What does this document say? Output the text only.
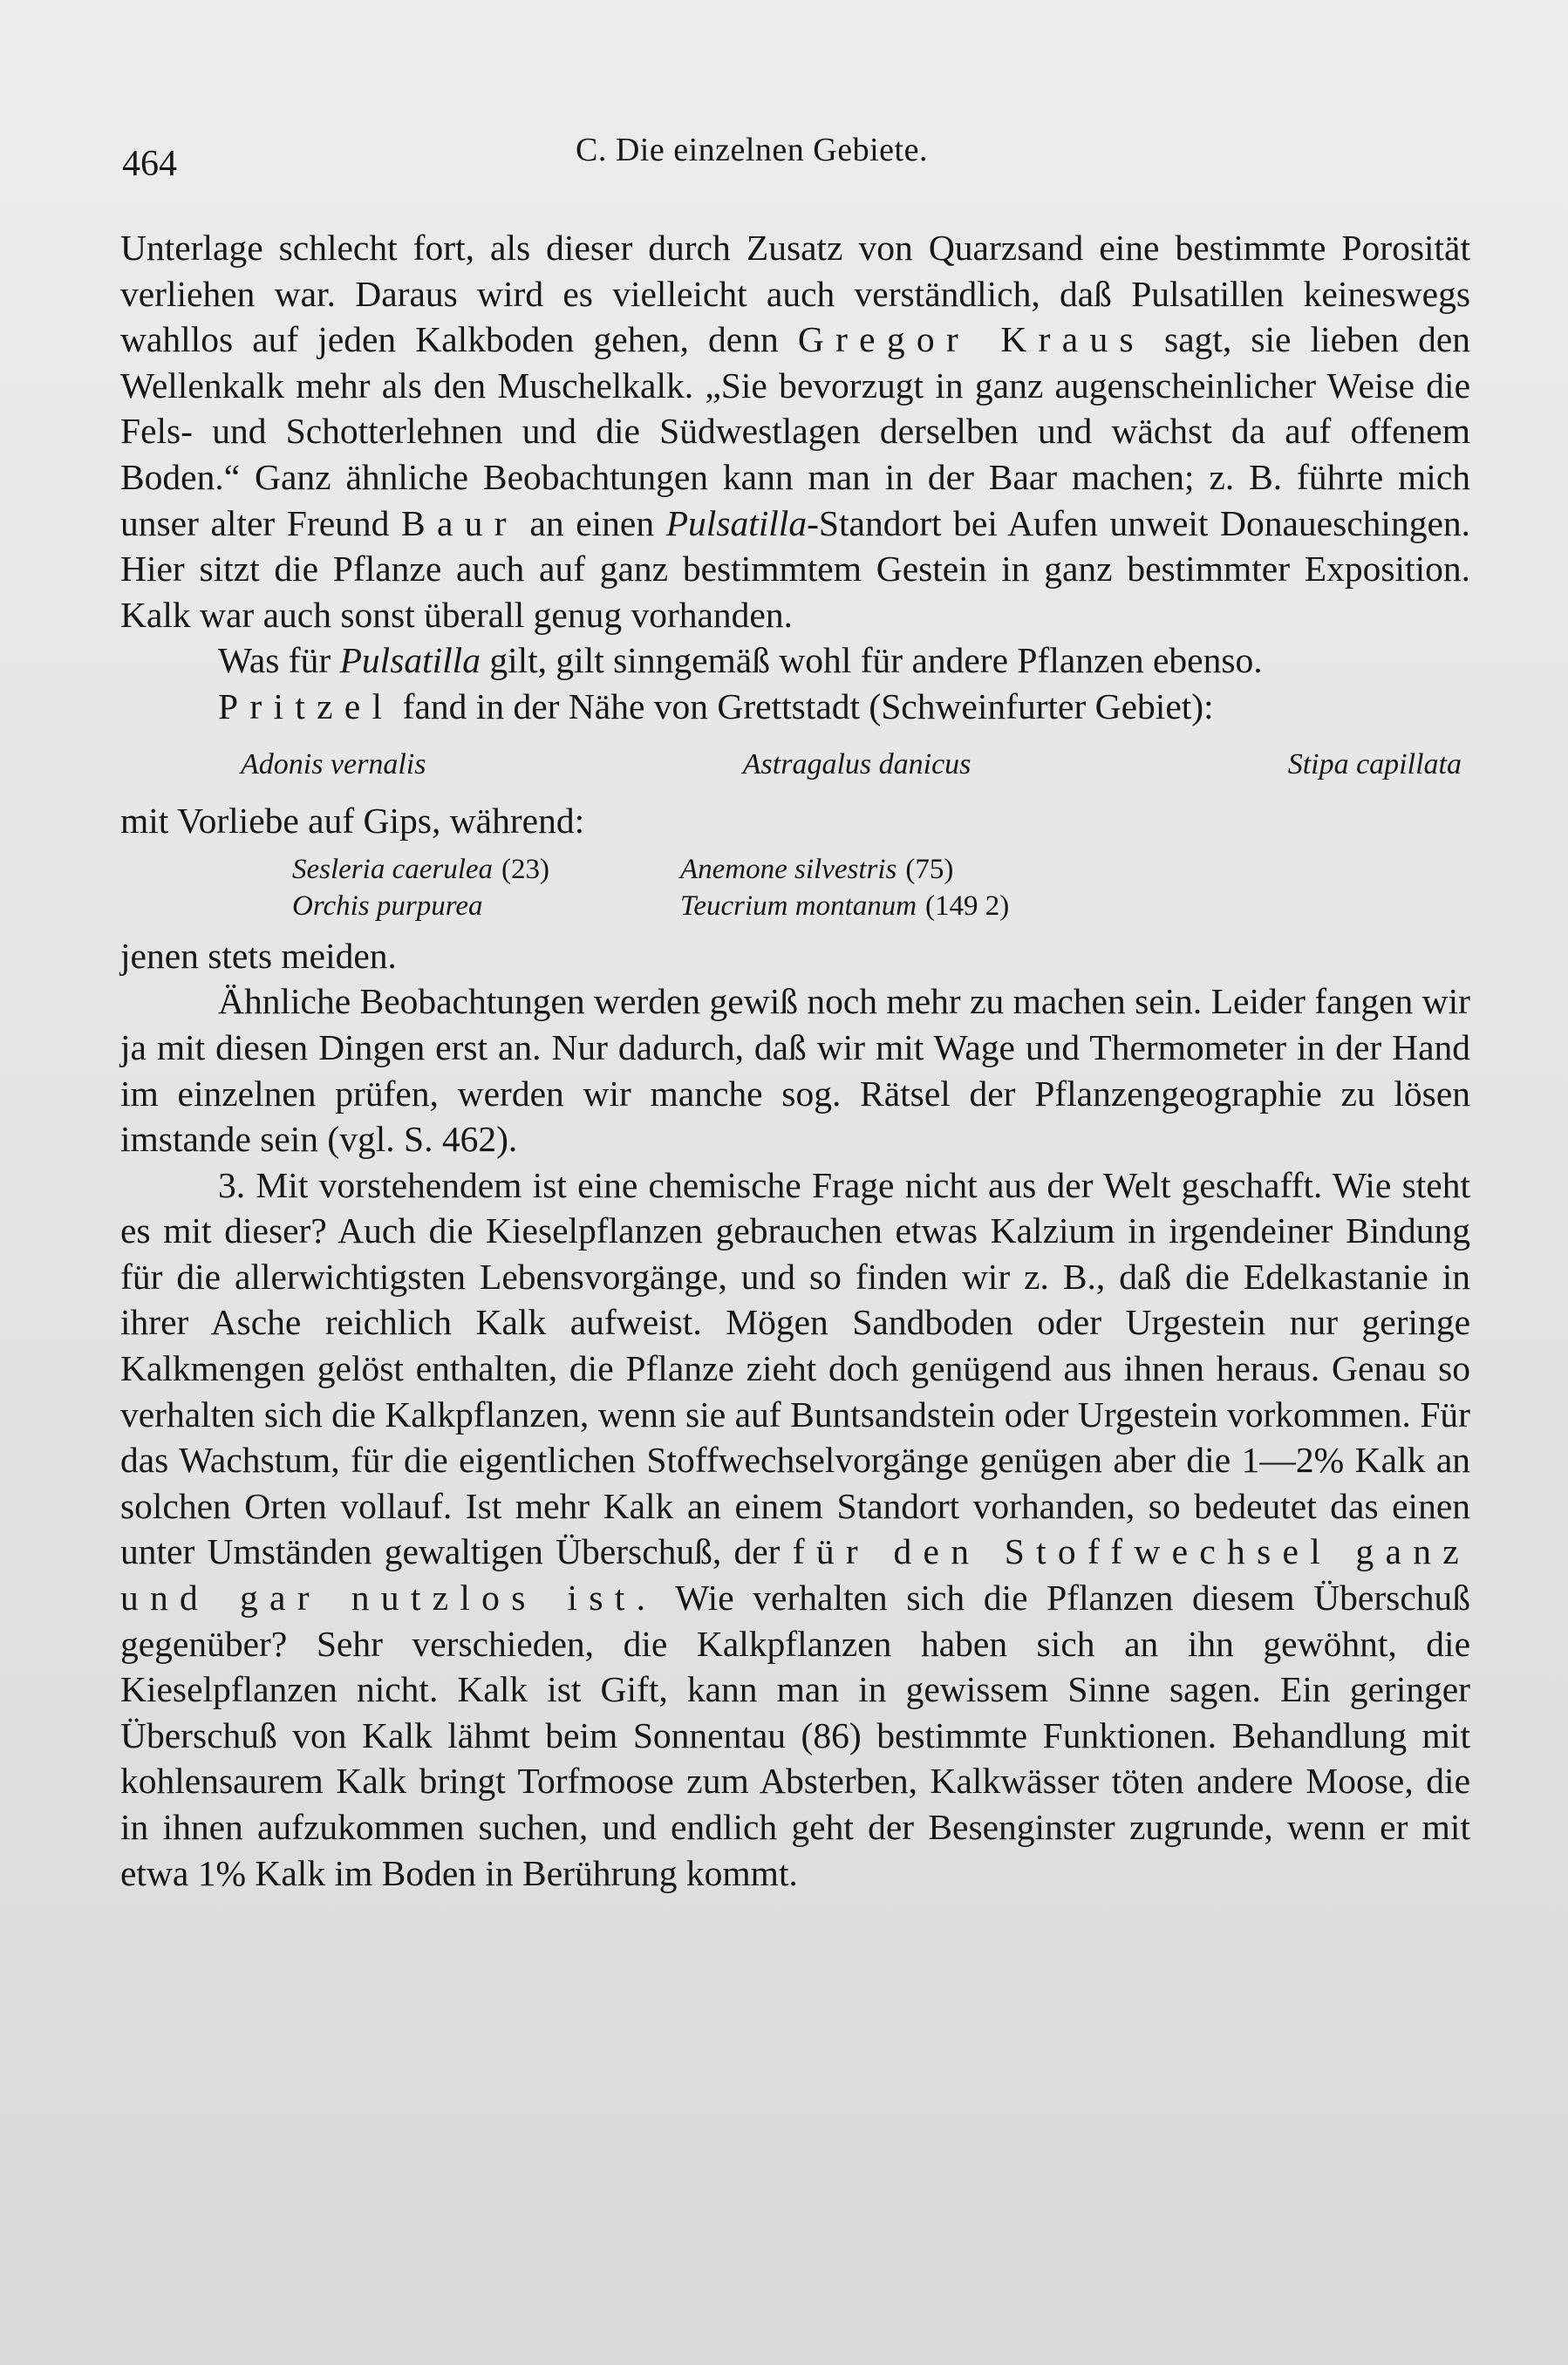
464	C. Die einzelnen Gebiete.

Unterlage schlecht fort, als dieser durch Zusatz von Quarzsand eine bestimmte Porosität verliehen war. Daraus wird es vielleicht auch verständlich, daß Pulsatillen keineswegs wahllos auf jeden Kalkboden gehen, denn Gregor Kraus sagt, sie lieben den Wellenkalk mehr als den Muschelkalk. „Sie bevorzugt in ganz augenscheinlicher Weise die Fels- und Schotterlehnen und die Südwestlagen derselben und wächst da auf offenem Boden.“ Ganz ähnliche Beobachtungen kann man in der Baar machen; z. B. führte mich unser alter Freund Baur an einen Pulsatilla-Standort bei Aufen unweit Donaueschingen. Hier sitzt die Pflanze auch auf ganz bestimmtem Gestein in ganz bestimmter Exposition. Kalk war auch sonst überall genug vorhanden.

Was für Pulsatilla gilt, gilt sinngemäß wohl für andere Pflanzen ebenso.

Pritzel fand in der Nähe von Grettstadt (Schweinfurter Gebiet):

Adonis vernalis	Astragalus danicus	Stipa capillata

mit Vorliebe auf Gips, während:

Sesleria caerulea (23)	Anemone silvestris (75)
Orchis purpurea	Teucrium montanum (149 2)

jenen stets meiden.

Ähnliche Beobachtungen werden gewiß noch mehr zu machen sein. Leider fangen wir ja mit diesen Dingen erst an. Nur dadurch, daß wir mit Wage und Thermometer in der Hand im einzelnen prüfen, werden wir manche sog. Rätsel der Pflanzengeographie zu lösen imstande sein (vgl. S. 462).

3. Mit vorstehendem ist eine chemische Frage nicht aus der Welt geschafft. Wie steht es mit dieser? Auch die Kieselpflanzen gebrauchen etwas Kalzium in irgendeiner Bindung für die allerwichtigsten Lebensvorgänge, und so finden wir z. B., daß die Edelkastanie in ihrer Asche reichlich Kalk aufweist. Mögen Sandboden oder Urgestein nur geringe Kalkmengen gelöst enthalten, die Pflanze zieht doch genügend aus ihnen heraus. Genau so verhalten sich die Kalkpflanzen, wenn sie auf Buntsandstein oder Urgestein vorkommen. Für das Wachstum, für die eigentlichen Stoffwechselvorgänge genügen aber die 1—2% Kalk an solchen Orten vollauf. Ist mehr Kalk an einem Standort vorhanden, so bedeutet das einen unter Umständen gewaltigen Überschuß, der für den Stoffwechsel ganz und gar nutzlos ist. Wie verhalten sich die Pflanzen diesem Überschuß gegenüber? Sehr verschieden, die Kalkpflanzen haben sich an ihn gewöhnt, die Kieselpflanzen nicht. Kalk ist Gift, kann man in gewissem Sinne sagen. Ein geringer Überschuß von Kalk lähmt beim Sonnentau (86) bestimmte Funktionen. Behandlung mit kohlensaurem Kalk bringt Torfmoose zum Absterben, Kalkwässer töten andere Moose, die in ihnen aufzukommen suchen, und endlich geht der Besenginster zugrunde, wenn er mit etwa 1% Kalk im Boden in Berührung kommt.
